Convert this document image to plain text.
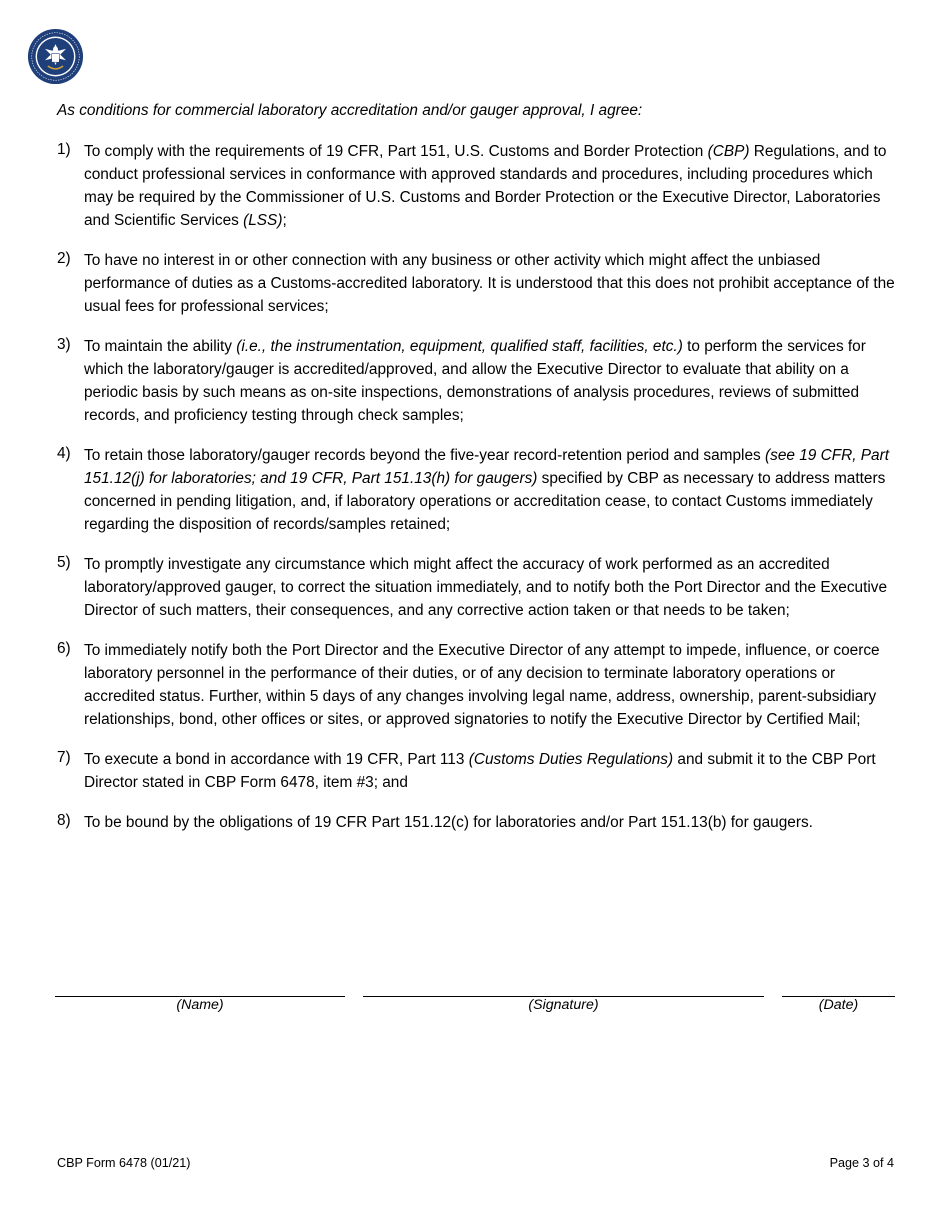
As conditions for commercial laboratory accreditation and/or gauger approval, I agree:
1) To comply with the requirements of 19 CFR, Part 151, U.S. Customs and Border Protection (CBP) Regulations, and to conduct professional services in conformance with approved standards and procedures, including procedures which may be required by the Commissioner of U.S. Customs and Border Protection or the Executive Director, Laboratories and Scientific Services (LSS);
2) To have no interest in or other connection with any business or other activity which might affect the unbiased performance of duties as a Customs-accredited laboratory. It is understood that this does not prohibit acceptance of the usual fees for professional services;
3) To maintain the ability (i.e., the instrumentation, equipment, qualified staff, facilities, etc.) to perform the services for which the laboratory/gauger is accredited/approved, and allow the Executive Director to evaluate that ability on a periodic basis by such means as on-site inspections, demonstrations of analysis procedures, reviews of submitted records, and proficiency testing through check samples;
4) To retain those laboratory/gauger records beyond the five-year record-retention period and samples (see 19 CFR, Part 151.12(j) for laboratories; and 19 CFR, Part 151.13(h) for gaugers) specified by CBP as necessary to address matters concerned in pending litigation, and, if laboratory operations or accreditation cease, to contact Customs immediately regarding the disposition of records/samples retained;
5) To promptly investigate any circumstance which might affect the accuracy of work performed as an accredited laboratory/approved gauger, to correct the situation immediately, and to notify both the Port Director and the Executive Director of such matters, their consequences, and any corrective action taken or that needs to be taken;
6) To immediately notify both the Port Director and the Executive Director of any attempt to impede, influence, or coerce laboratory personnel in the performance of their duties, or of any decision to terminate laboratory operations or accredited status. Further, within 5 days of any changes involving legal name, address, ownership, parent-subsidiary relationships, bond, other offices or sites, or approved signatories to notify the Executive Director by Certified Mail;
7) To execute a bond in accordance with 19 CFR, Part 113 (Customs Duties Regulations) and submit it to the CBP Port Director stated in CBP Form 6478, item #3; and
8) To be bound by the obligations of 19 CFR Part 151.12(c) for laboratories and/or Part 151.13(b) for gaugers.
(Name)	(Signature)	(Date)
CBP Form 6478 (01/21)	Page 3 of 4
